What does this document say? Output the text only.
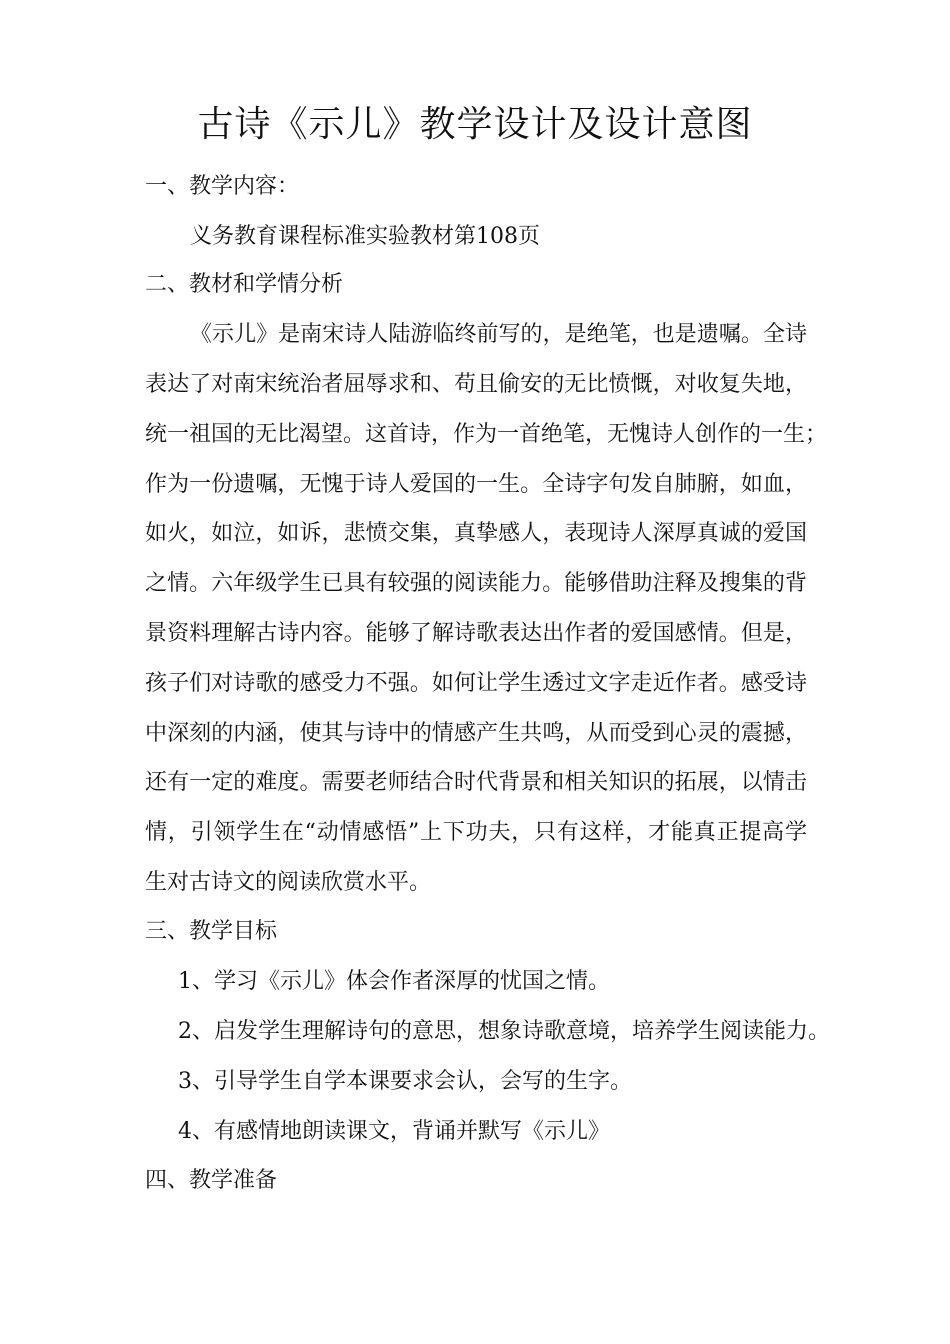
古诗《示儿》教学设计及设计意图
一、教学内容：
义务教育课程标准实验教材第108页
二、教材和学情分析
《示儿》是南宋诗人陆游临终前写的，是绝笔，也是遗嘱。全诗
表达了对南宋统治者屈辱求和、苟且偷安的无比愤慨，对收复失地，
统一祖国的无比渴望。这首诗，作为一首绝笔，无愧诗人创作的一生；
作为一份遗嘱，无愧于诗人爱国的一生。全诗字句发自肺腑，如血，
如火，如泣，如诉，悲愤交集，真挚感人，表现诗人深厚真诚的爱国
之情。六年级学生已具有较强的阅读能力。能够借助注释及搜集的背
景资料理解古诗内容。能够了解诗歌表达出作者的爱国感情。但是，
孩子们对诗歌的感受力不强。如何让学生透过文字走近作者。感受诗
中深刻的内涵，使其与诗中的情感产生共鸣，从而受到心灵的震撼，
还有一定的难度。需要老师结合时代背景和相关知识的拓展，以情击
情，引领学生在“动情感悟”上下功夫，只有这样，才能真正提高学
生对古诗文的阅读欣赏水平。
三、教学目标
1、学习《示儿》体会作者深厚的忧国之情。
2、启发学生理解诗句的意思，想象诗歌意境，培养学生阅读能力。
3、引导学生自学本课要求会认，会写的生字。
4、有感情地朗读课文，背诵并默写《示儿》
四、教学准备
